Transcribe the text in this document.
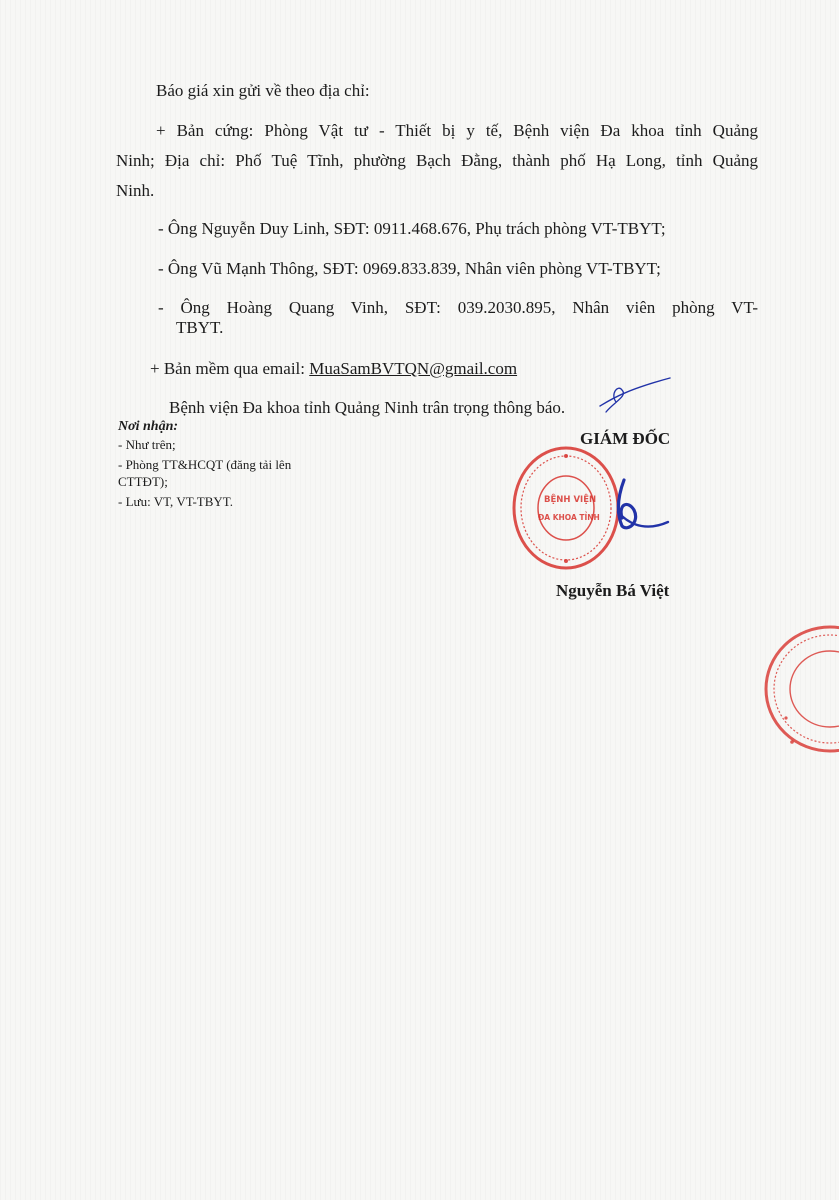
Báo giá xin gửi về theo địa chỉ:
+ Bản cứng: Phòng Vật tư - Thiết bị y tế, Bệnh viện Đa khoa tỉnh Quảng
Ninh; Địa chỉ: Phố Tuệ Tĩnh, phường Bạch Đằng, thành phố Hạ Long, tỉnh Quảng
Ninh.
- Ông Nguyễn Duy Linh, SĐT: 0911.468.676, Phụ trách phòng VT-TBYT;
- Ông Vũ Mạnh Thông, SĐT: 0969.833.839, Nhân viên phòng VT-TBYT;
- Ông Hoàng Quang Vinh, SĐT: 039.2030.895, Nhân viên phòng VT-
TBYT.
+ Bản mềm qua email: MuaSamBVTQN@gmail.com
Bệnh viện Đa khoa tỉnh Quảng Ninh trân trọng thông báo.
Nơi nhận:
- Như trên;
- Phòng TT&HCQT (đăng tải lên
CTTĐT);
- Lưu: VT, VT-TBYT.
GIÁM ĐỐC
BỆNH VIỆN
ĐA KHOA TỈNH
Nguyễn Bá Việt
